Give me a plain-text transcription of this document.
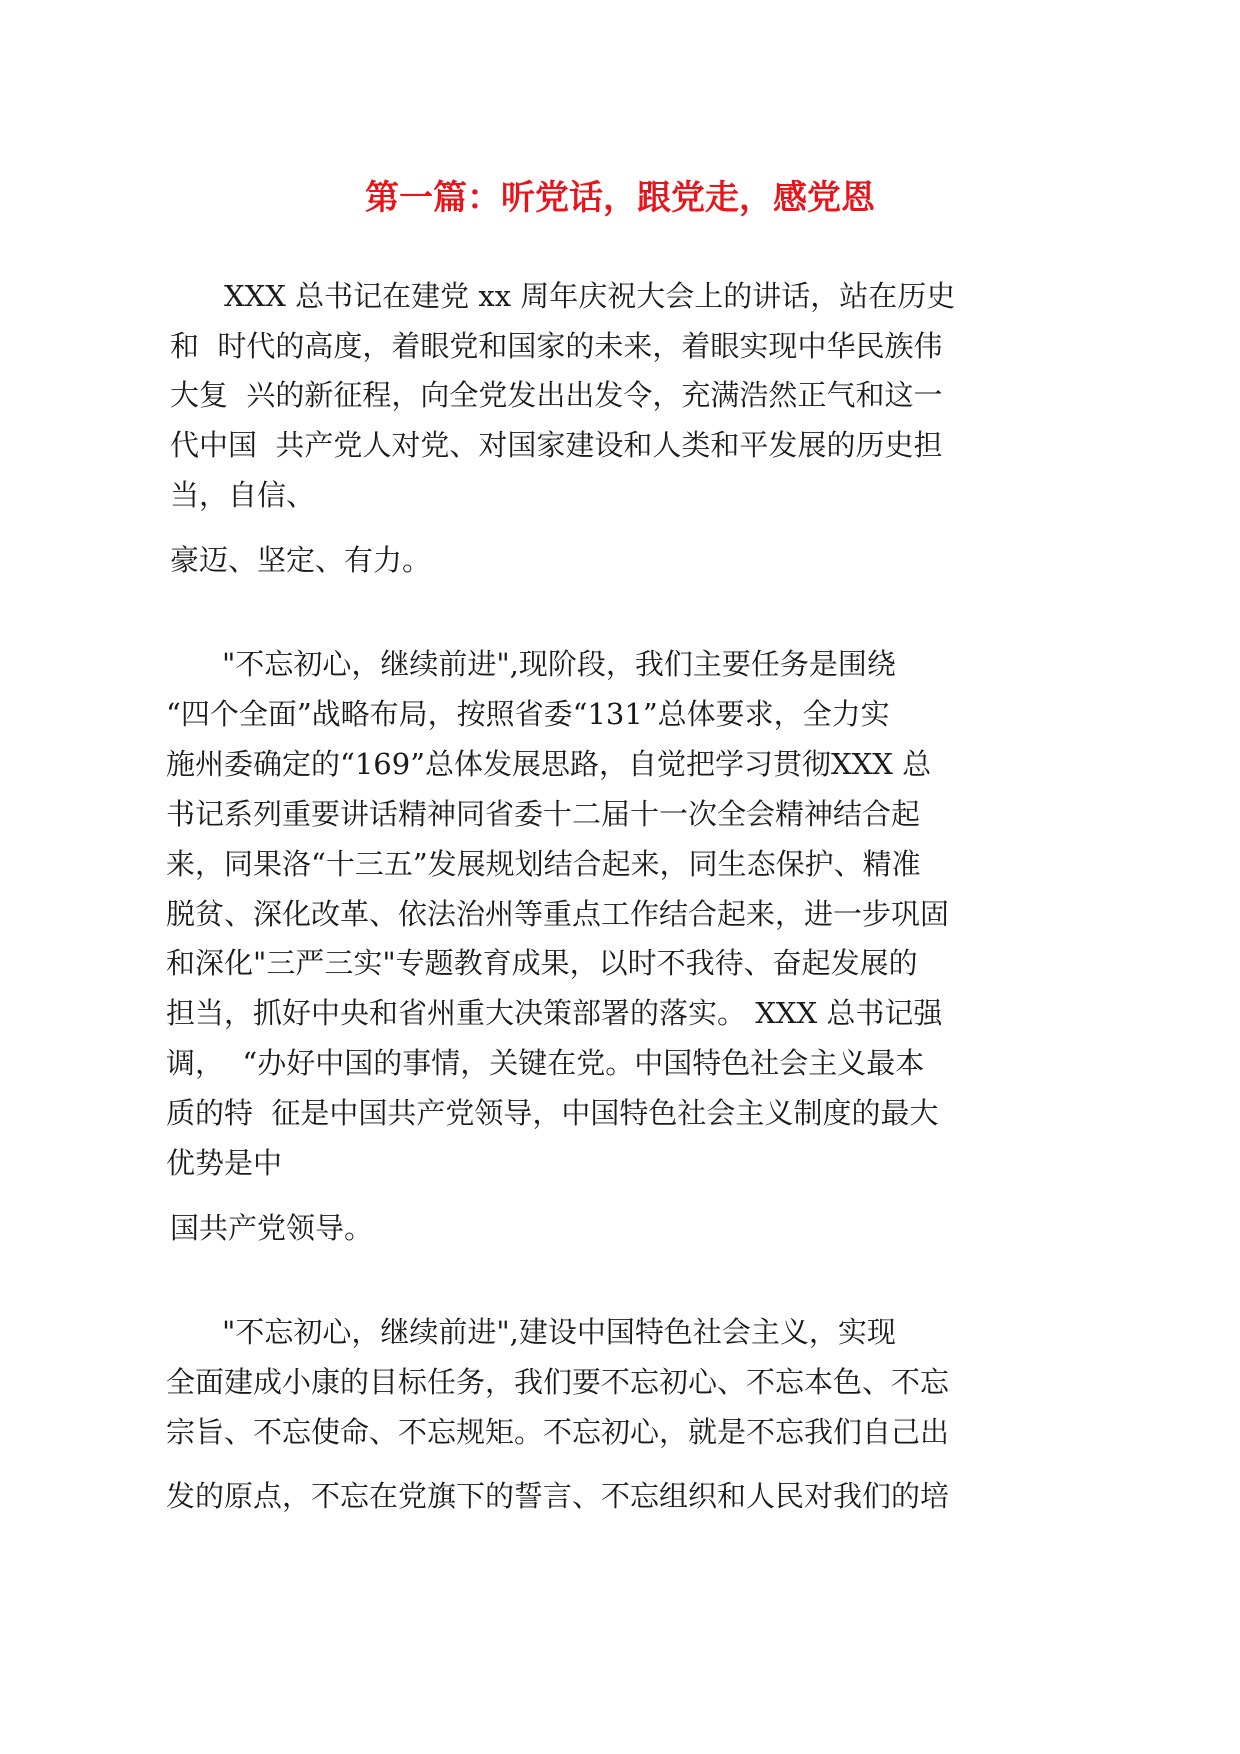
第一篇：听党话，跟党走，感党恩

XXX 总书记在建党 xx 周年庆祝大会上的讲话，站在历史

和  时代的高度，着眼党和国家的未来，着眼实现中华民族伟

大复  兴的新征程，向全党发出出发令，充满浩然正气和这一

代中国  共产党人对党、对国家建设和人类和平发展的历史担

当，自信、

豪迈、坚定、有力。

"不忘初心，继续前进",现阶段，我们主要任务是围绕

“四个全面”战略布局，按照省委“131”总体要求，全力实

施州委确定的“169”总体发展思路，自觉把学习贯彻XXX 总

书记系列重要讲话精神同省委十二届十一次全会精神结合起

来，同果洛“十三五”发展规划结合起来，同生态保护、精准

脱贫、深化改革、依法治州等重点工作结合起来，进一步巩固

和深化"三严三实"专题教育成果，以时不我待、奋起发展的

担当，抓好中央和省州重大决策部署的落实。 XXX 总书记强

调，  “办好中国的事情，关键在党。中国特色社会主义最本

质的特  征是中国共产党领导，中国特色社会主义制度的最大

优势是中

国共产党领导。

"不忘初心，继续前进",建设中国特色社会主义，实现

全面建成小康的目标任务，我们要不忘初心、不忘本色、不忘

宗旨、不忘使命、不忘规矩。不忘初心，就是不忘我们自己出

发的原点，不忘在党旗下的誓言、不忘组织和人民对我们的培
